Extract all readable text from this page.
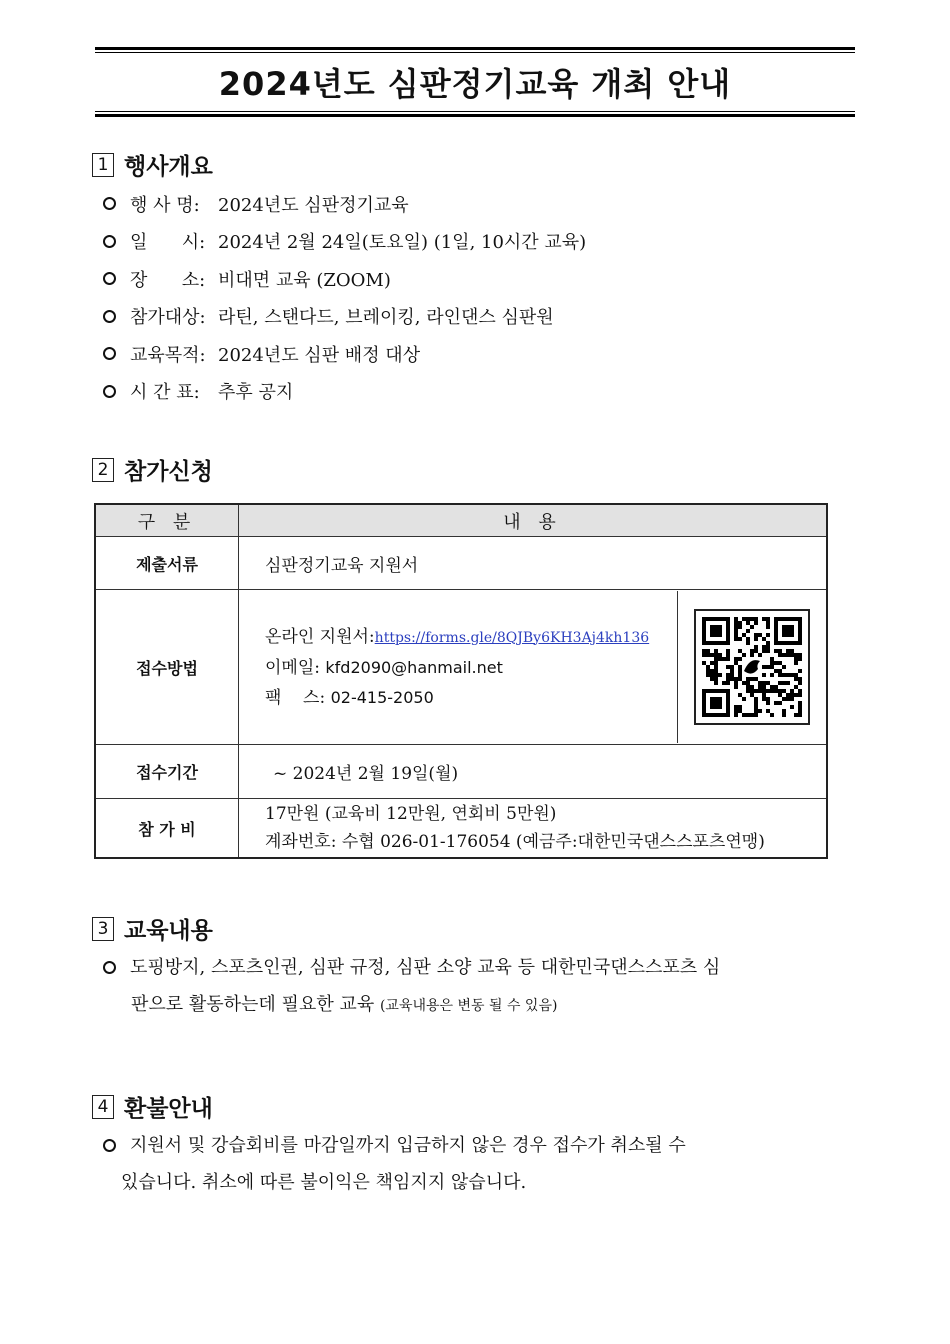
2024년도 심판정기교육 개최 안내
1 행사개요
행 사 명:	2024년도 심판정기교육
일      시: 2024년 2월 24일(토요일) (1일, 10시간 교육)
장      소: 비대면 교육 (ZOOM)
참가대상: 라틴, 스탠다드, 브레이킹, 라인댄스 심판원
교육목적: 2024년도 심판 배정 대상
시 간 표:	추후 공지
2 참가신청
구 분	내 용
제출서류	심판정기교육 지원서
접수방법	온라인 지원서:https://forms.gle/8QJBy6KH3Aj4kh136
이메일: kfd2090@hanmail.net
팩    스: 02-415-2050

접수기간	~ 2024년 2월 19일(월)
참 가 비	17만원 (교육비 12만원, 연회비 5만원)
계좌번호: 수협 026-01-176054 (예금주:대한민국댄스스포츠연맹)
3 교육내용
도핑방지, 스포츠인권, 심판 규정, 심판 소양 교육 등 대한민국댄스스포츠 심
판으로 활동하는데 필요한 교육 (교육내용은 변동 될 수 있음)
4 환불안내
지원서 및 강습회비를 마감일까지 입금하지 않은 경우 접수가 취소될 수
있습니다. 취소에 따른 불이익은 책임지지 않습니다.
